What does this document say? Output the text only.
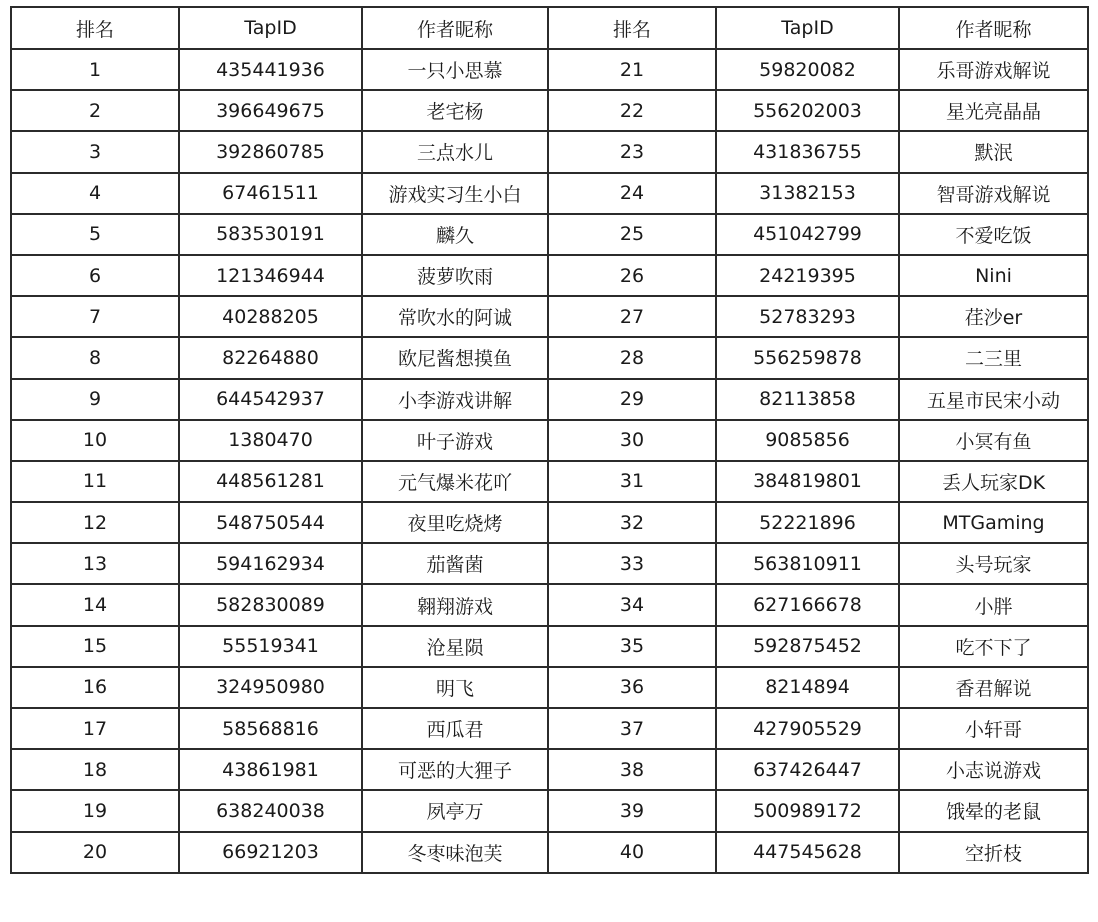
排名	TapID	作者昵称	排名	TapID	作者昵称
1	435441936	一只小思慕	21	59820082	乐哥游戏解说
2	396649675	老宅杨	22	556202003	星光亮晶晶
3	392860785	三点水儿	23	431836755	默泯
4	67461511	游戏实习生小白	24	31382153	智哥游戏解说
5	583530191	麟久	25	451042799	不爱吃饭
6	121346944	菠萝吹雨	26	24219395	Nini
7	40288205	常吹水的阿诚	27	52783293	荏沙er
8	82264880	欧尼酱想摸鱼	28	556259878	二三里
9	644542937	小李游戏讲解	29	82113858	五星市民宋小动
10	1380470	叶子游戏	30	9085856	小冥有鱼
11	448561281	元气爆米花吖	31	384819801	丢人玩家DK
12	548750544	夜里吃烧烤	32	52221896	MTGaming
13	594162934	茄酱菌	33	563810911	头号玩家
14	582830089	翱翔游戏	34	627166678	小胖
15	55519341	沧星陨	35	592875452	吃不下了
16	324950980	明飞	36	8214894	香君解说
17	58568816	西瓜君	37	427905529	小轩哥
18	43861981	可恶的大狸子	38	637426447	小志说游戏
19	638240038	夙亭万	39	500989172	饿晕的老鼠
20	66921203	冬枣味泡芙	40	447545628	空折枝
